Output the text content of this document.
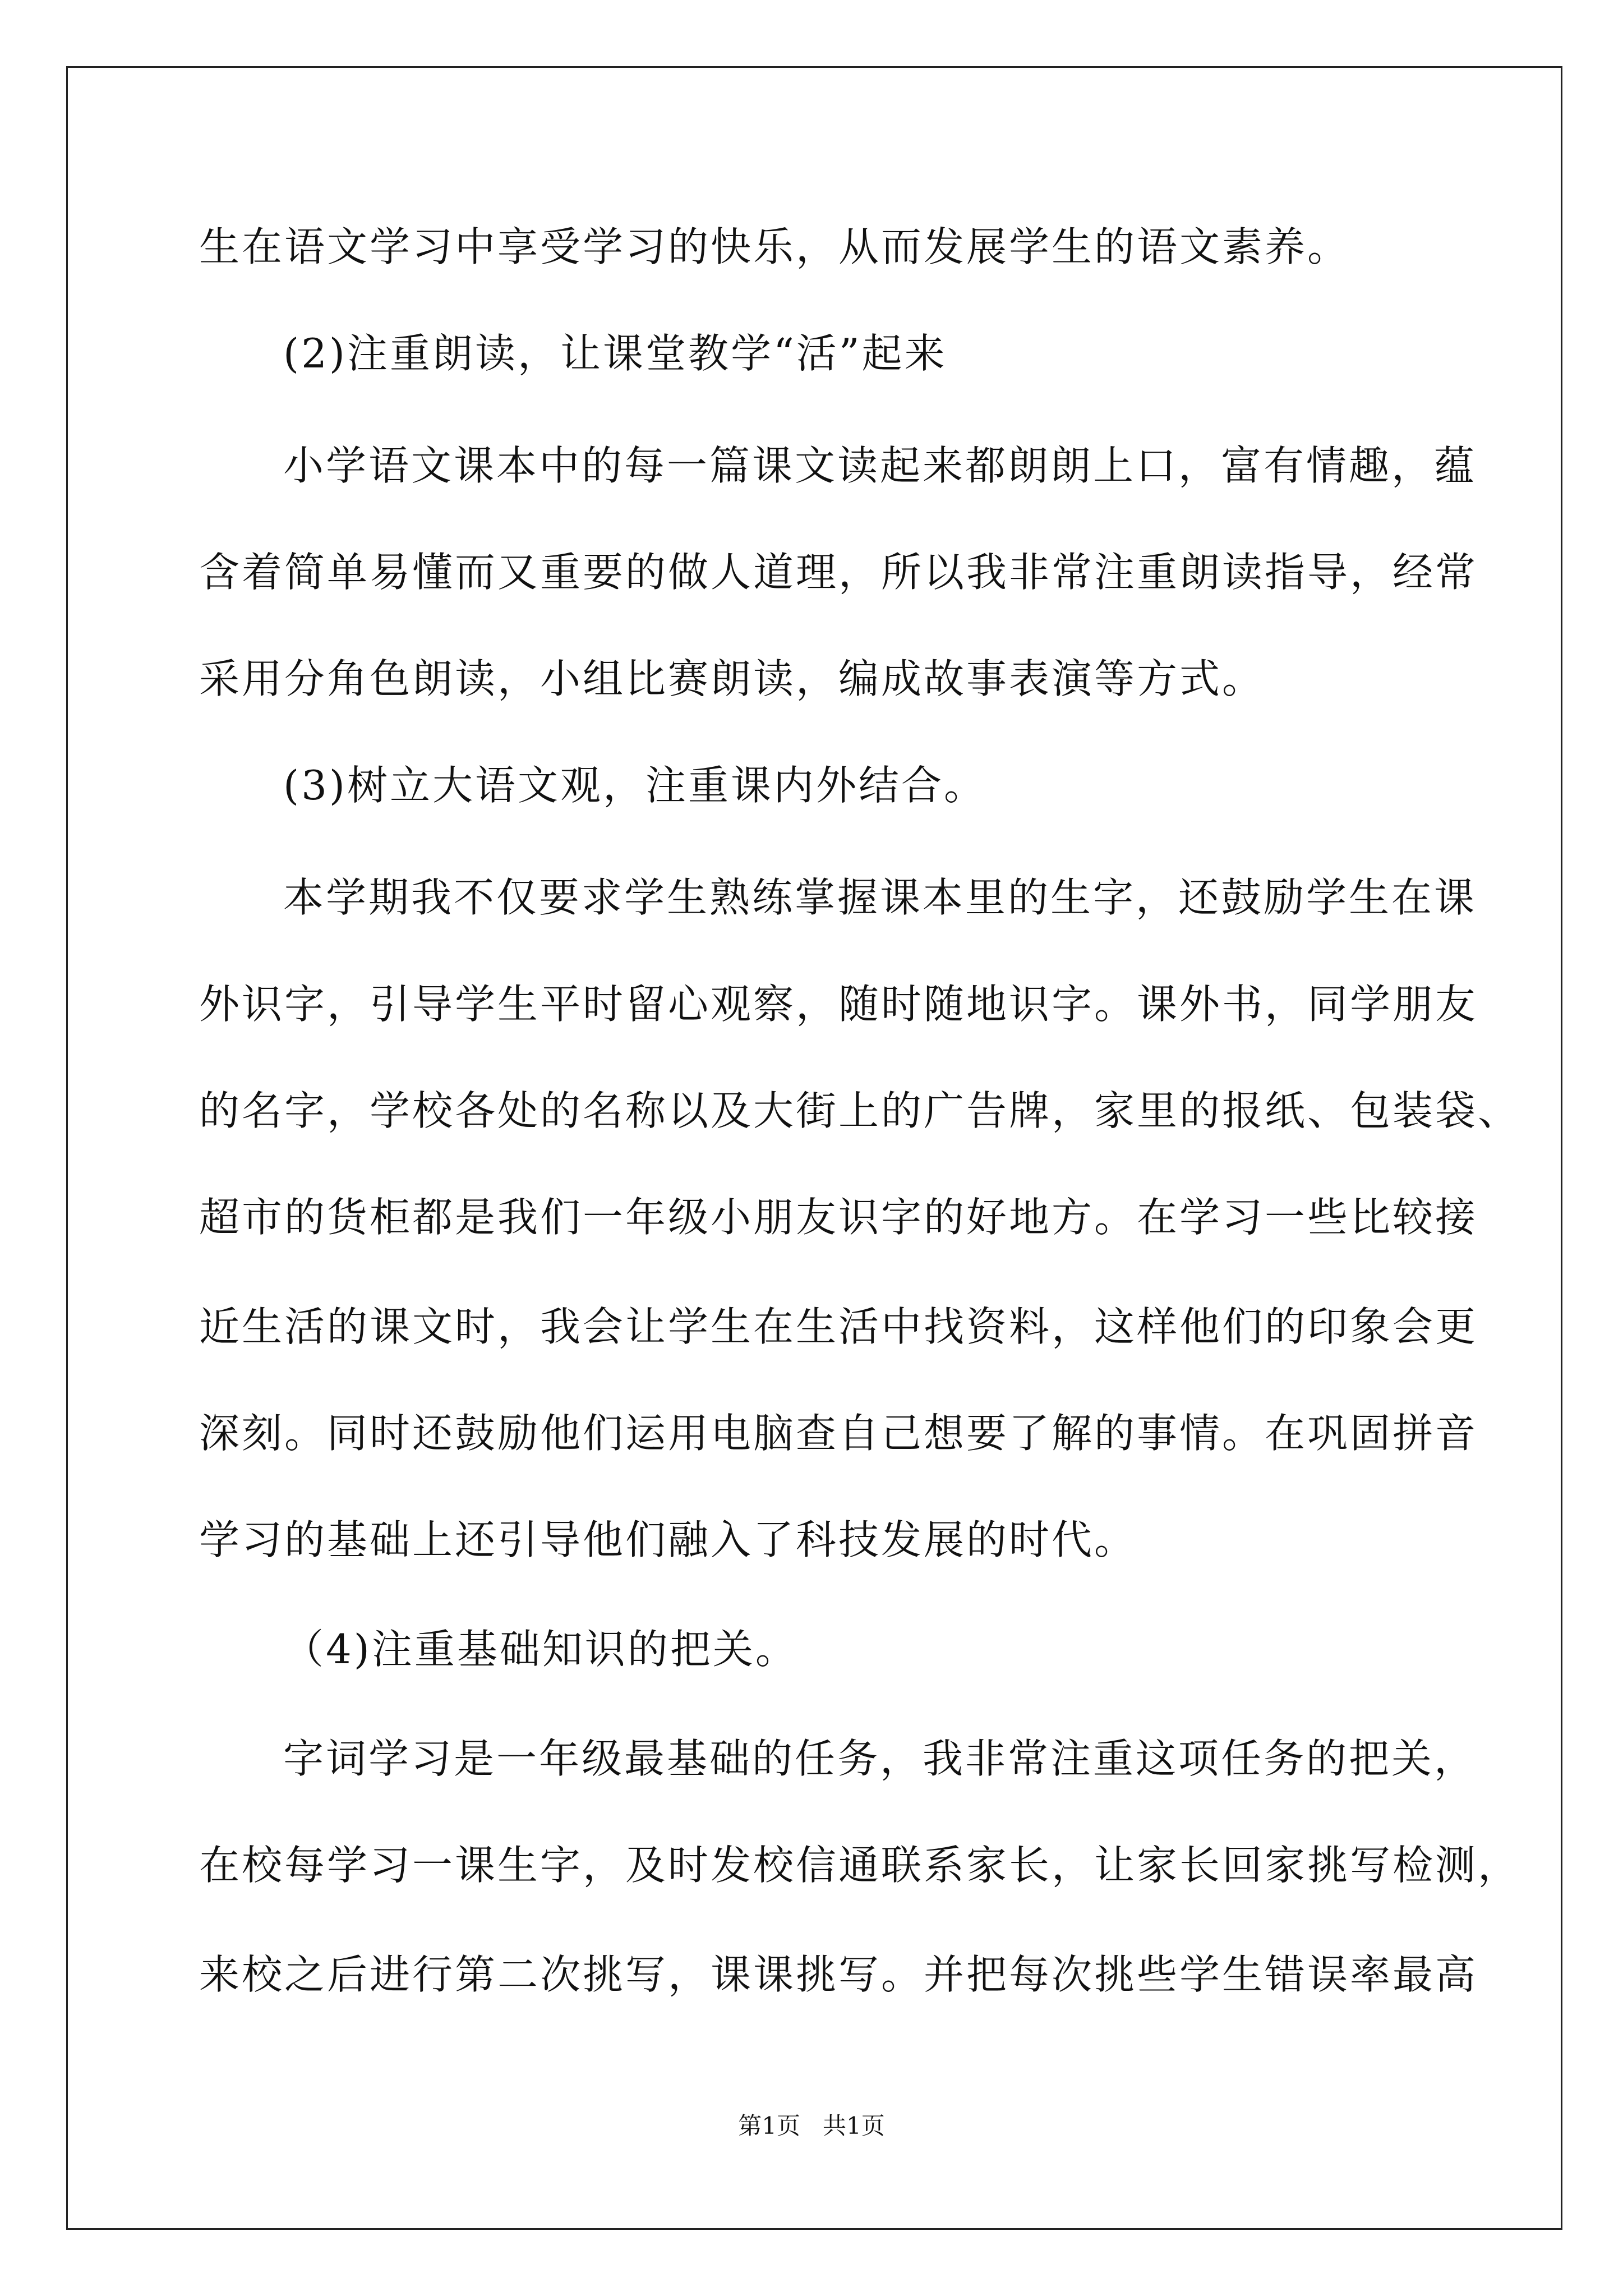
生在语文学习中享受学习的快乐，从而发展学生的语文素养。
(2)注重朗读，让课堂教学“活”起来
小学语文课本中的每一篇课文读起来都朗朗上口，富有情趣，蕴
含着简单易懂而又重要的做人道理，所以我非常注重朗读指导，经常
采用分角色朗读，小组比赛朗读，编成故事表演等方式。
(3)树立大语文观，注重课内外结合。
本学期我不仅要求学生熟练掌握课本里的生字，还鼓励学生在课
外识字，引导学生平时留心观察，随时随地识字。课外书，同学朋友
的名字，学校各处的名称以及大街上的广告牌，家里的报纸、包装袋、
超市的货柜都是我们一年级小朋友识字的好地方。在学习一些比较接
近生活的课文时，我会让学生在生活中找资料，这样他们的印象会更
深刻。同时还鼓励他们运用电脑查自己想要了解的事情。在巩固拼音
学习的基础上还引导他们融入了科技发展的时代。
（4)注重基础知识的把关。
字词学习是一年级最基础的任务，我非常注重这项任务的把关，
在校每学习一课生字，及时发校信通联系家长，让家长回家挑写检测，
来校之后进行第二次挑写，课课挑写。并把每次挑些学生错误率最高
第1页   共1页
